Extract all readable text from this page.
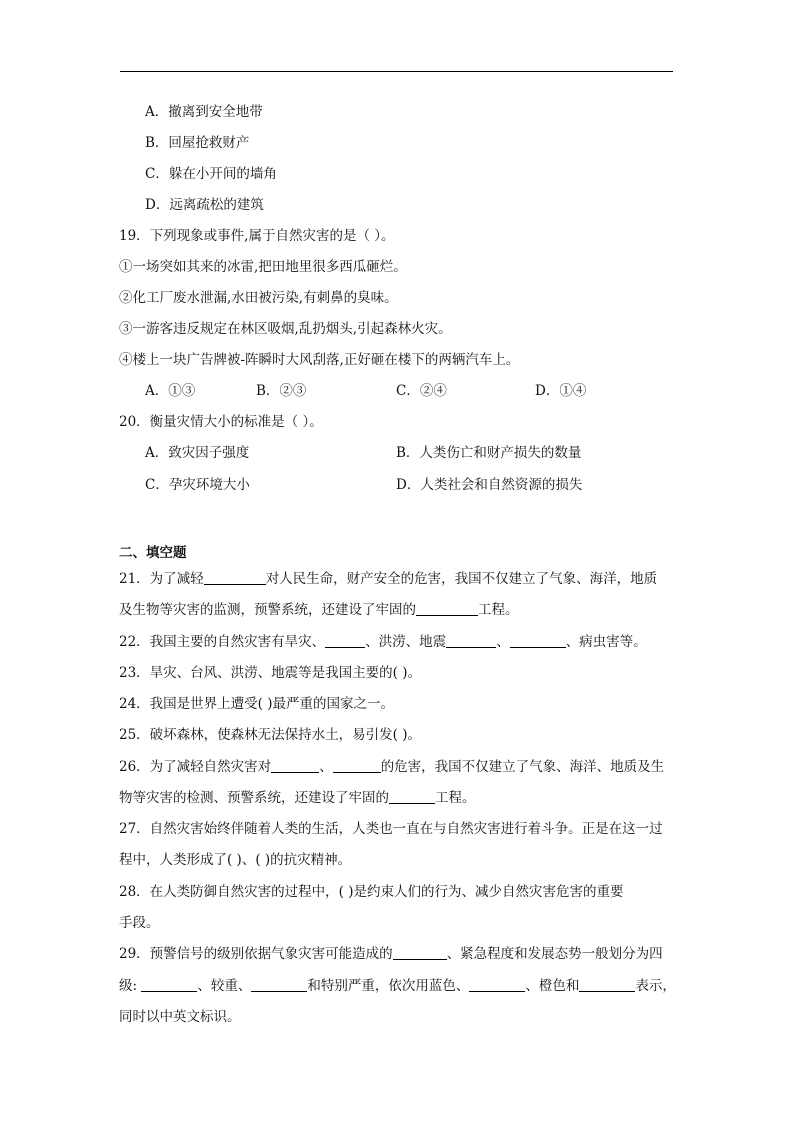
A．撤离到安全地带
B．回屋抢救财产
C．躲在小开间的墙角
D．远离疏松的建筑
19．下列现象或事件,属于自然灾害的是（ ）。
①一场突如其来的冰雷,把田地里很多西瓜砸烂。
②化工厂废水泄漏,水田被污染,有刺鼻的臭味。
③一游客违反规定在林区吸烟,乱扔烟头,引起森林火灾。
④楼上一块广告牌被-阵瞬时大风刮落,正好砸在楼下的两辆汽车上。
A．①③	B．②③	C．②④	D．①④
20．衡量灾情大小的标准是（ ）。
A．致灾因子强度	B．人类伤亡和财产损失的数量
C．孕灾环境大小	D．人类社会和自然资源的损失
二、填空题
21．为了减轻	对人民生命，财产安全的危害，我国不仅建立了气象、海洋，地质
及生物等灾害的监测，预警系统，还建设了牢固的	工程。
22．我国主要的自然灾害有旱灾、	、洪涝、地震	、	、病虫害等。
23．旱灾、台风、洪涝、地震等是我国主要的( )。
24．我国是世界上遭受( )最严重的国家之一。
25．破坏森林，使森林无法保持水土，易引发( )。
26．为了减轻自然灾害对	、	的危害，我国不仅建立了气象、海洋、地质及生
物等灾害的检测、预警系统，还建设了牢固的	工程。
27．自然灾害始终伴随着人类的生活，人类也一直在与自然灾害进行着斗争。正是在这一过
程中，人类形成了( )、( )的抗灾精神。
28．在人类防御自然灾害的过程中，( )是约束人们的行为、减少自然灾害危害的重要
手段。
29．预警信号的级别依据气象灾害可能造成的	、紧急程度和发展态势一般划分为四
级:	、较重、	和特别严重，依次用蓝色、	、橙色和	表示，
同时以中英文标识。
